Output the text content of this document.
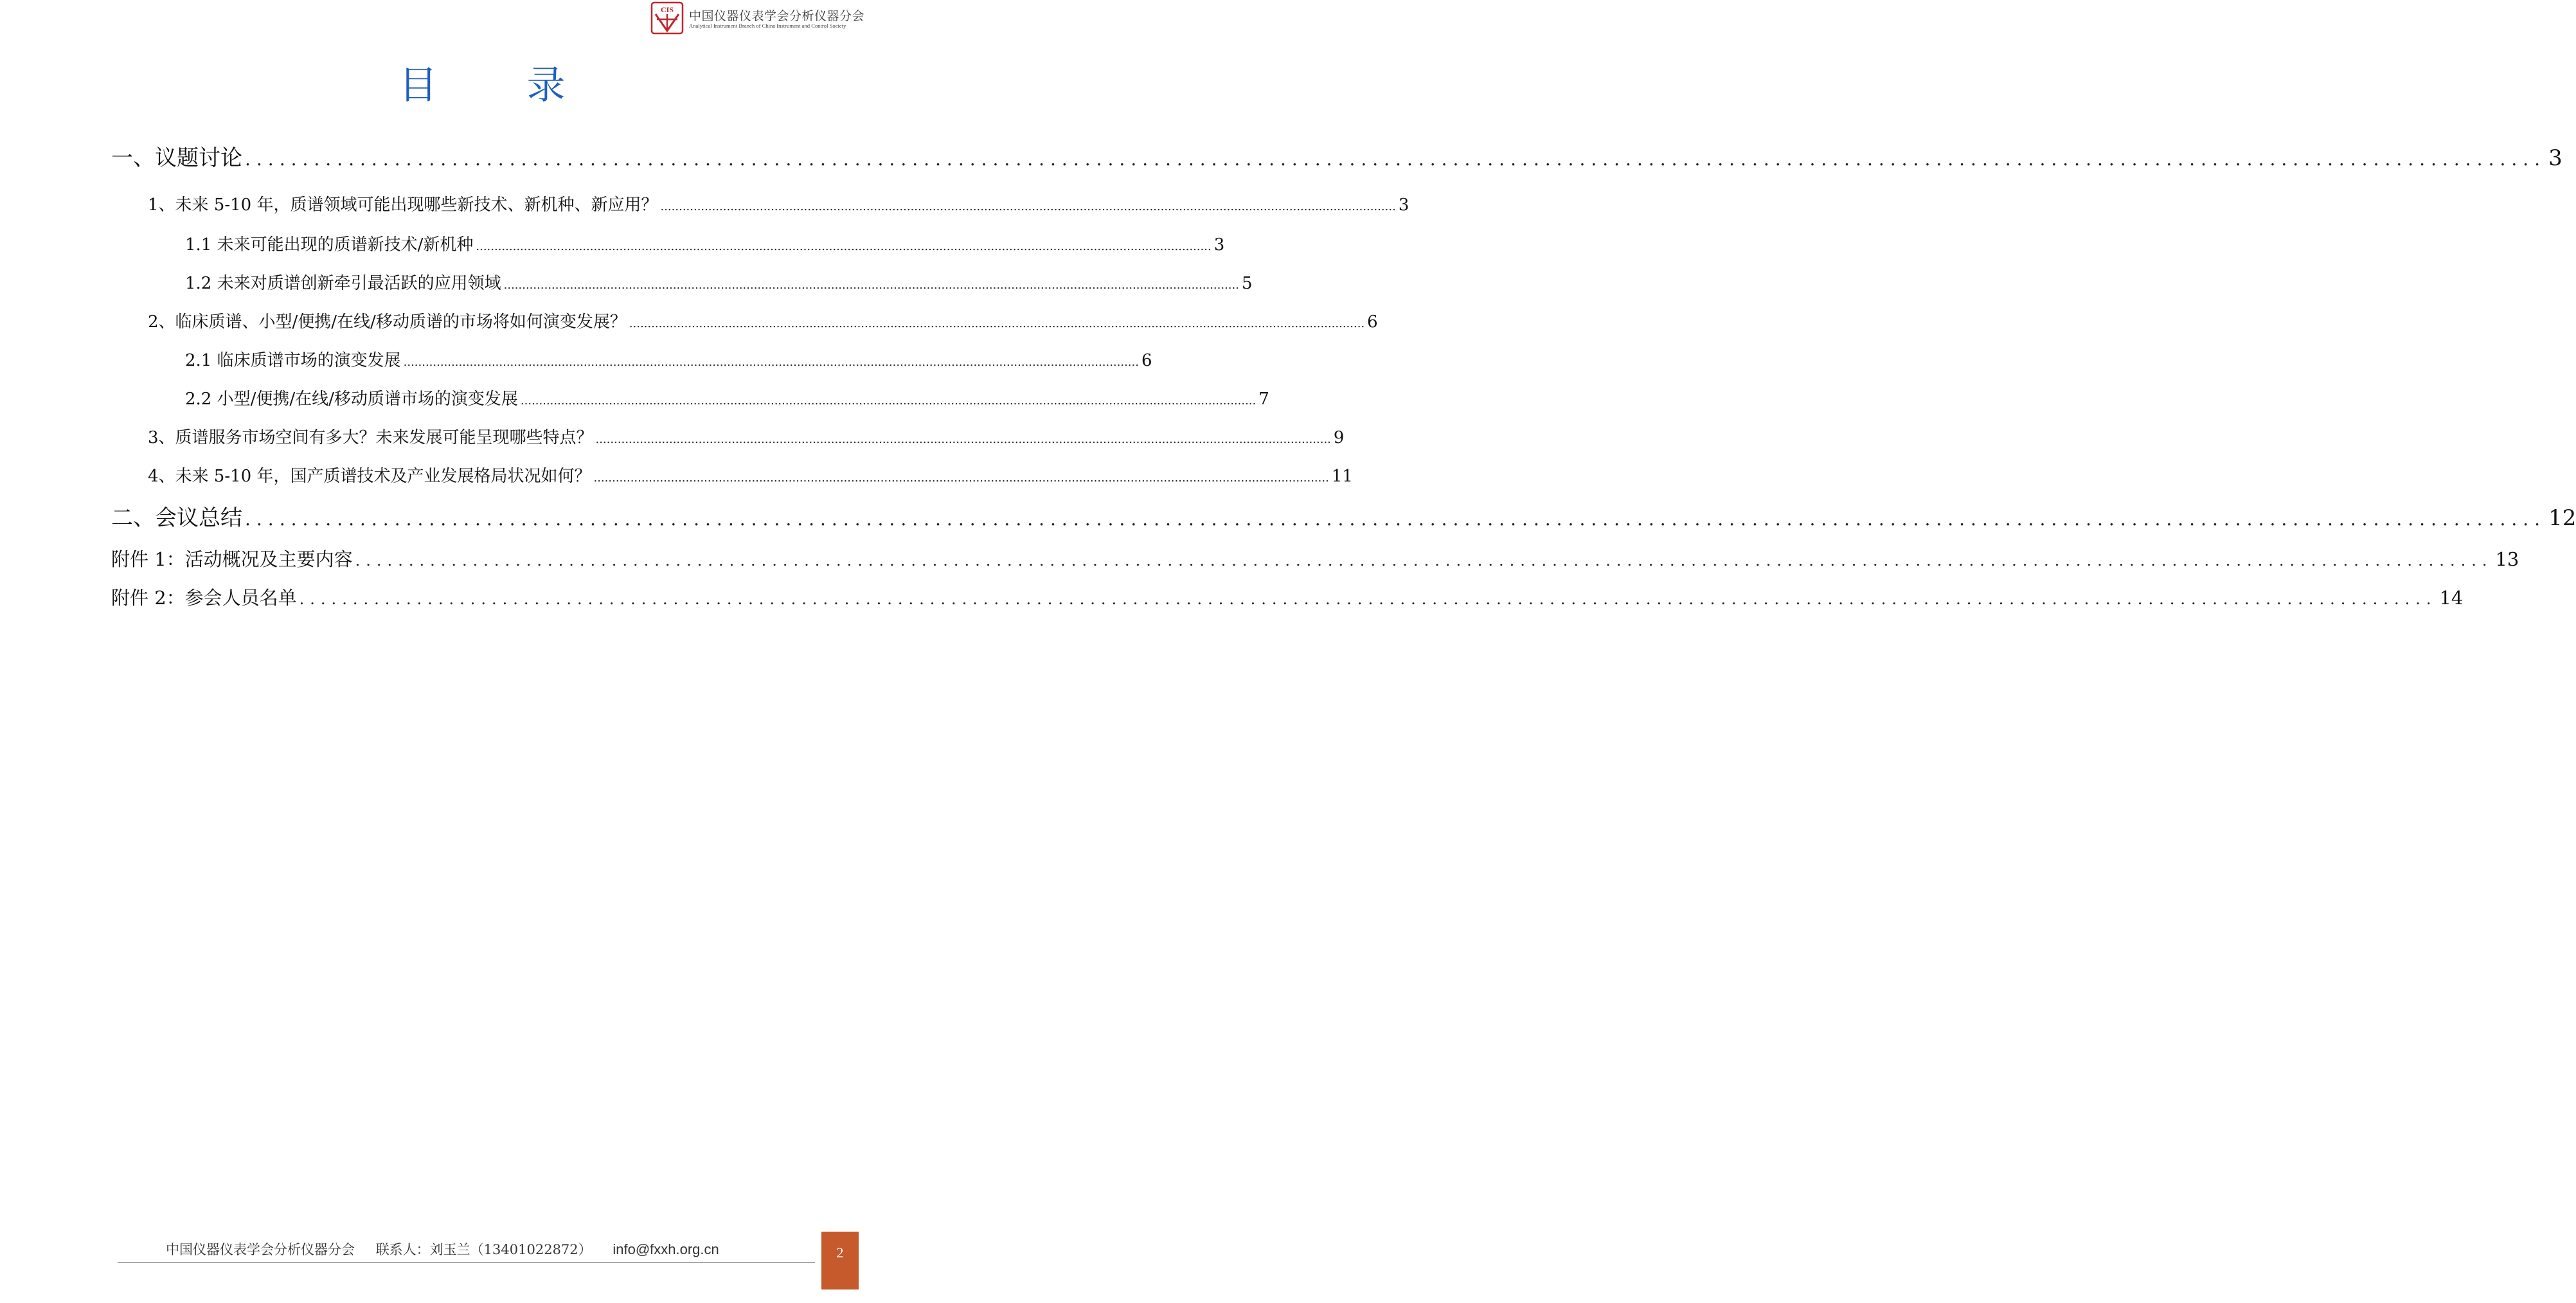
CIS 中国仪器仪表学会分析仪器分会
Analytical Instrument Branch of China Instrument and Control Society
目 录
一、议题讨论 ........................................................................................................................................................................................................ 3
1、未来 5-10 年，质谱领域可能出现哪些新技术、新机种、新应用？ ........................................................................................................................................................................................................ 3
1.1 未来可能出现的质谱新技术/新机种 ........................................................................................................................................................................................................ 3
1.2 未来对质谱创新牵引最活跃的应用领域 ........................................................................................................................................................................................................ 5
2、临床质谱、小型/便携/在线/移动质谱的市场将如何演变发展？ ........................................................................................................................................................................................................ 6
2.1 临床质谱市场的演变发展 ........................................................................................................................................................................................................ 6
2.2 小型/便携/在线/移动质谱市场的演变发展 ........................................................................................................................................................................................................ 7
3、质谱服务市场空间有多大？未来发展可能呈现哪些特点？ ........................................................................................................................................................................................................ 9
4、未来 5-10 年，国产质谱技术及产业发展格局状况如何？ ........................................................................................................................................................................................................ 11
二、会议总结 ........................................................................................................................................................................................................ 12
附件 1：活动概况及主要内容 ........................................................................................................................................................................................................ 13
附件 2：参会人员名单 ........................................................................................................................................................................................................ 14
中国仪器仪表学会分析仪器分会 联系人：刘玉兰（13401022872） info@fxxh.org.cn	2
